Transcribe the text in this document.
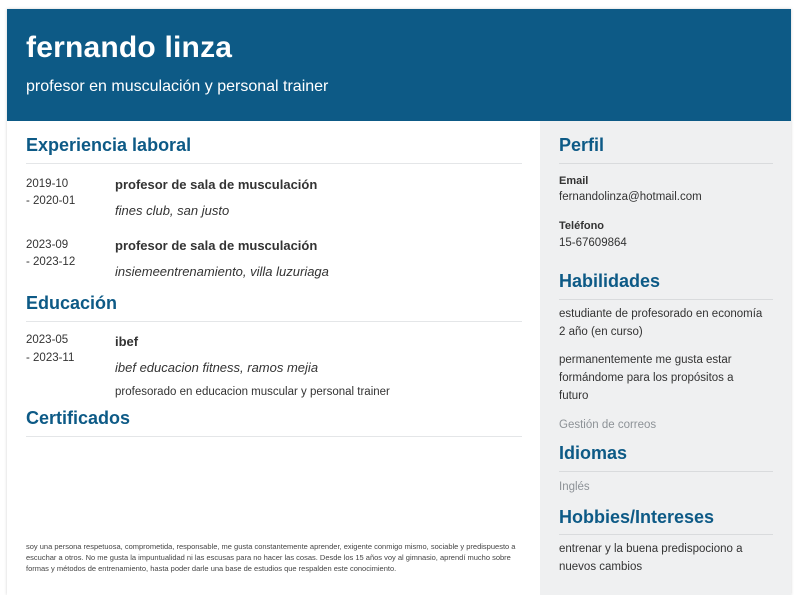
fernando linza
profesor en musculación y personal trainer
Experiencia laboral
2019-10
- 2020-01
profesor de sala de musculación
fines club, san justo
2023-09
- 2023-12
profesor de sala de musculación
insiemeentrenamiento, villa luzuriaga
Educación
2023-05
- 2023-11
ibef
ibef educacion fitness, ramos mejia
profesorado en educacion muscular y personal trainer
Certificados
soy una persona respetuosa, comprometida, responsable, me gusta constantemente aprender, exigente conmigo mismo, sociable y predispuesto a escuchar a otros. No me gusta la impuntualidad ni las escusas para no hacer las cosas. Desde los 15 años voy al gimnasio, aprendí mucho sobre formas y métodos de entrenamiento, hasta poder darle una base de estudios que respalden este conocimiento.
Perfil
Email
fernandolinza@hotmail.com
Teléfono
15-67609864
Habilidades
estudiante de profesorado en economía 2 año (en curso)
permanentemente me gusta estar formándome para los propósitos a futuro
Gestión de correos
Idiomas
Inglés
Hobbies/Intereses
entrenar y la buena predispociono a nuevos cambios
